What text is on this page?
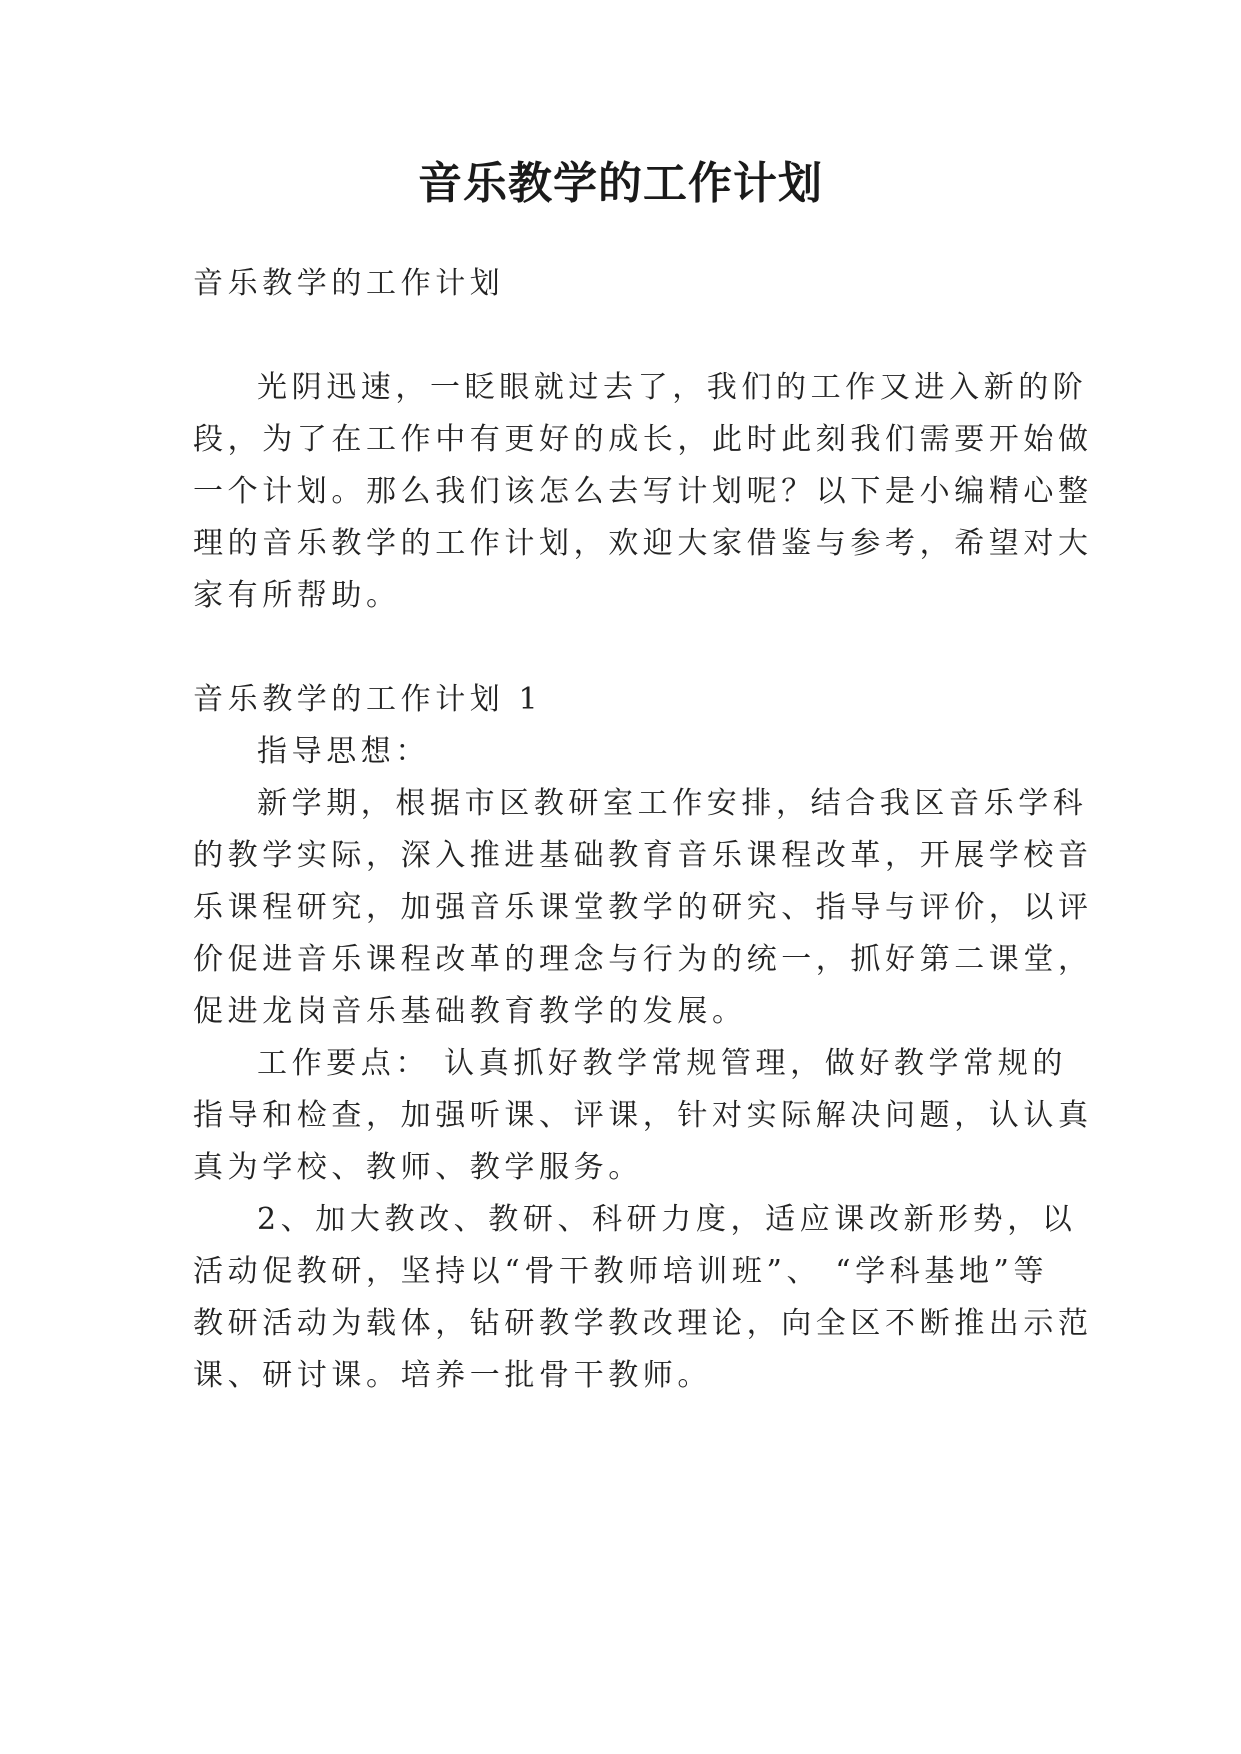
音乐教学的工作计划

音乐教学的工作计划

光阴迅速，一眨眼就过去了，我们的工作又进入新的阶

段，为了在工作中有更好的成长，此时此刻我们需要开始做

一个计划。那么我们该怎么去写计划呢？以下是小编精心整

理的音乐教学的工作计划，欢迎大家借鉴与参考，希望对大

家有所帮助。

音乐教学的工作计划 1

指导思想：

新学期，根据市区教研室工作安排，结合我区音乐学科

的教学实际，深入推进基础教育音乐课程改革，开展学校音

乐课程研究，加强音乐课堂教学的研究、指导与评价，以评

价促进音乐课程改革的理念与行为的统一，抓好第二课堂，

促进龙岗音乐基础教育教学的发展。

工作要点： 认真抓好教学常规管理，做好教学常规的

指导和检查，加强听课、评课，针对实际解决问题，认认真

真为学校、教师、教学服务。

2、加大教改、教研、科研力度，适应课改新形势，以

活动促教研，坚持以“骨干教师培训班”、 “学科基地”等

教研活动为载体，钻研教学教改理论，向全区不断推出示范

课、研讨课。培养一批骨干教师。
